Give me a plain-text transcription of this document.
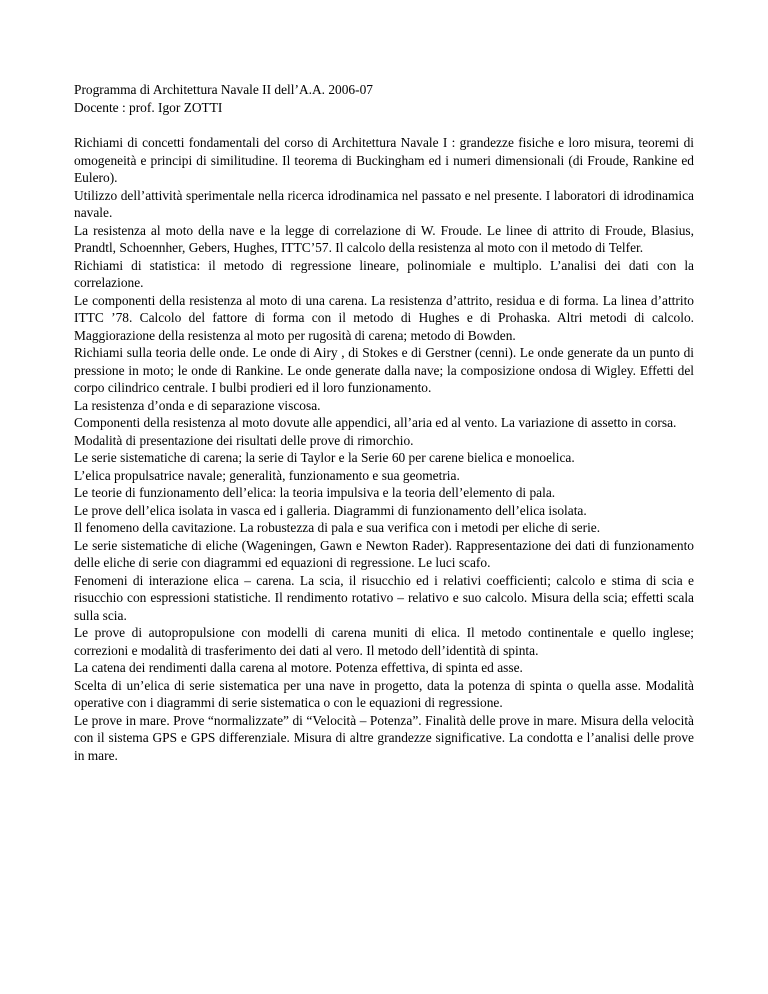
Programma di Architettura Navale II dell’A.A. 2006-07

Docente : prof. Igor ZOTTI

Richiami di concetti fondamentali del corso di Architettura Navale I : grandezze fisiche e loro misura, teoremi di omogeneità e principi di similitudine. Il teorema di Buckingham ed i numeri dimensionali (di Froude, Rankine ed Eulero).

Utilizzo dell’attività sperimentale nella ricerca idrodinamica nel passato e nel presente. I laboratori di idrodinamica navale.

La resistenza al moto della nave e la legge di correlazione di W. Froude. Le linee di attrito di Froude, Blasius, Prandtl, Schoennher, Gebers, Hughes, ITTC’57. Il calcolo della resistenza al moto con il metodo di Telfer.

Richiami di statistica: il metodo di regressione lineare, polinomiale e multiplo. L’analisi dei dati con la correlazione.

Le componenti della resistenza al moto di una carena. La resistenza d’attrito, residua e di forma. La linea d’attrito ITTC ’78. Calcolo del fattore di forma con il metodo di Hughes e di Prohaska. Altri metodi di calcolo. Maggiorazione della resistenza al moto per rugosità di carena; metodo di Bowden.

Richiami sulla teoria delle onde. Le onde di Airy , di Stokes e di Gerstner (cenni). Le onde generate da un punto di pressione in moto; le onde di Rankine. Le onde generate dalla nave; la composizione ondosa di Wigley. Effetti del corpo cilindrico centrale. I bulbi prodieri ed il loro funzionamento.

La resistenza d’onda e di separazione viscosa.

Componenti della resistenza al moto dovute alle appendici, all’aria ed al vento. La variazione di assetto in corsa.

Modalità di presentazione dei risultati delle prove di rimorchio.

Le serie sistematiche di carena; la serie di Taylor e la Serie 60 per carene bielica e monoelica.

L’elica propulsatrice navale; generalità, funzionamento e sua geometria.

Le teorie di funzionamento dell’elica: la teoria impulsiva e la teoria dell’elemento di pala.

Le prove dell’elica isolata in vasca ed i galleria. Diagrammi di funzionamento dell’elica isolata.

Il fenomeno della cavitazione. La robustezza di pala e sua verifica con i metodi per eliche di serie.

Le serie sistematiche di eliche (Wageningen, Gawn e Newton Rader). Rappresentazione dei dati di funzionamento delle eliche di serie con diagrammi ed equazioni di regressione. Le luci scafo.

Fenomeni di interazione elica – carena. La scia, il risucchio ed i relativi coefficienti; calcolo e stima di scia e risucchio con espressioni statistiche. Il rendimento rotativo – relativo e suo calcolo. Misura della scia; effetti scala sulla scia.

Le prove di autopropulsione con modelli di carena muniti di elica. Il metodo continentale e quello inglese; correzioni e modalità di trasferimento dei dati al vero. Il metodo dell’identità di spinta.

La catena dei rendimenti dalla carena al motore. Potenza effettiva, di spinta ed asse.

Scelta di un’elica di serie sistematica per una nave in progetto, data la potenza di spinta o quella asse. Modalità operative con i diagrammi di serie sistematica o con le equazioni di regressione.

Le prove in mare. Prove “normalizzate” di “Velocità – Potenza”. Finalità delle prove in mare. Misura della velocità con il sistema GPS e GPS differenziale. Misura di altre grandezze significative. La condotta e l’analisi delle prove in mare.
